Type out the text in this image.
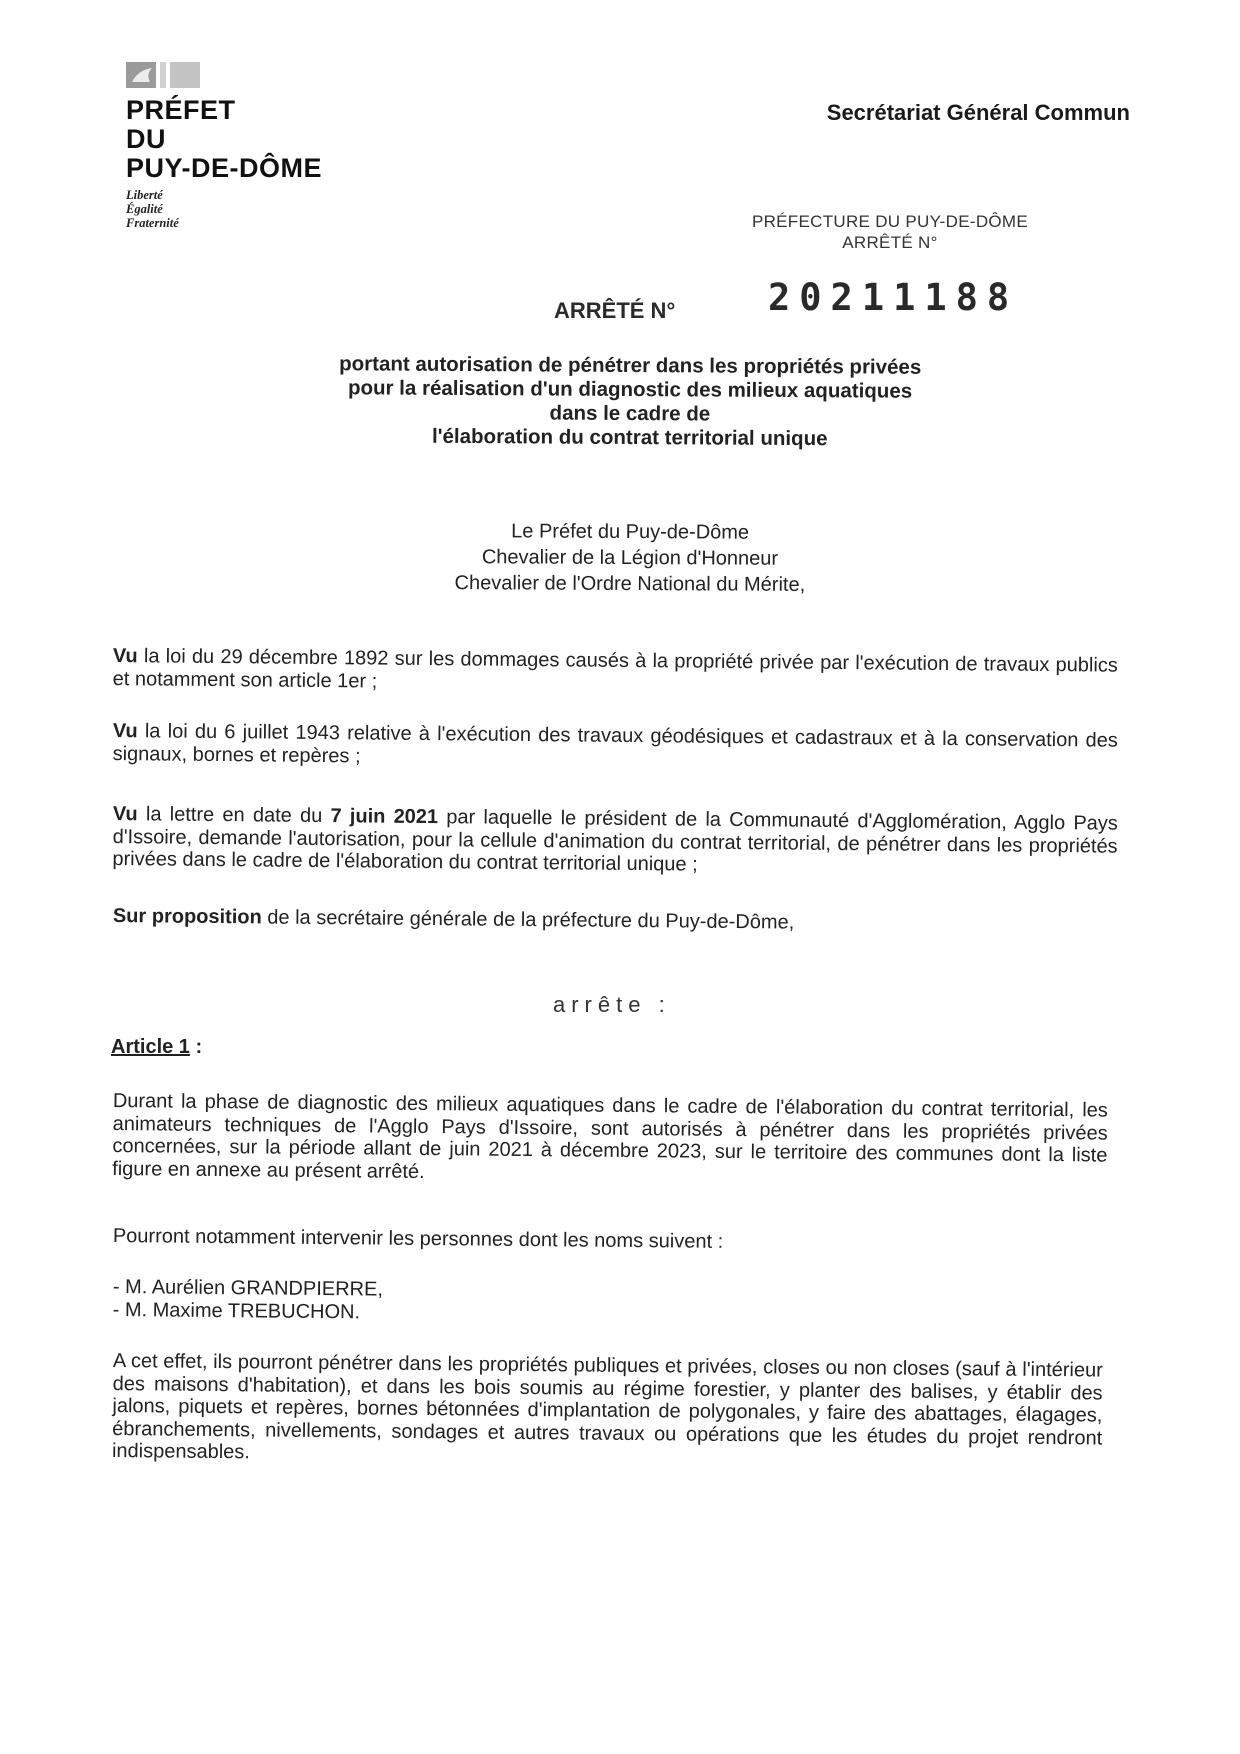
PRÉFET
DU
PUY-DE-DÔME
Liberté
Égalité
Fraternité
Secrétariat Général Commun
PRÉFECTURE DU PUY-DE-DÔME
ARRÊTÉ N°
ARRÊTÉ N°	20211188
portant autorisation de pénétrer dans les propriétés privées
pour la réalisation d'un diagnostic des milieux aquatiques
dans le cadre de
l'élaboration du contrat territorial unique
Le Préfet du Puy-de-Dôme
Chevalier de la Légion d'Honneur
Chevalier de l'Ordre National du Mérite,
Vu la loi du 29 décembre 1892 sur les dommages causés à la propriété privée par l'exécution de travaux publics et notamment son article 1er ;
Vu la loi du 6 juillet 1943 relative à l'exécution des travaux géodésiques et cadastraux et à la conservation des signaux, bornes et repères ;
Vu la lettre en date du 7 juin 2021 par laquelle le président de la Communauté d'Agglomération, Agglo Pays d'Issoire, demande l'autorisation, pour la cellule d'animation du contrat territorial, de pénétrer dans les propriétés privées dans le cadre de l'élaboration du contrat territorial unique ;
Sur proposition de la secrétaire générale de la préfecture du Puy-de-Dôme,
arrête :
Article 1 :
Durant la phase de diagnostic des milieux aquatiques dans le cadre de l'élaboration du contrat territorial, les animateurs techniques de l'Agglo Pays d'Issoire, sont autorisés à pénétrer dans les propriétés privées concernées, sur la période allant de juin 2021 à décembre 2023, sur le territoire des communes dont la liste figure en annexe au présent arrêté.
Pourront notamment intervenir les personnes dont les noms suivent :
- M. Aurélien GRANDPIERRE,
- M. Maxime TREBUCHON.
A cet effet, ils pourront pénétrer dans les propriétés publiques et privées, closes ou non closes (sauf à l'intérieur des maisons d'habitation), et dans les bois soumis au régime forestier, y planter des balises, y établir des jalons, piquets et repères, bornes bétonnées d'implantation de polygonales, y faire des abattages, élagages, ébranchements, nivellements, sondages et autres travaux ou opérations que les études du projet rendront indispensables.
